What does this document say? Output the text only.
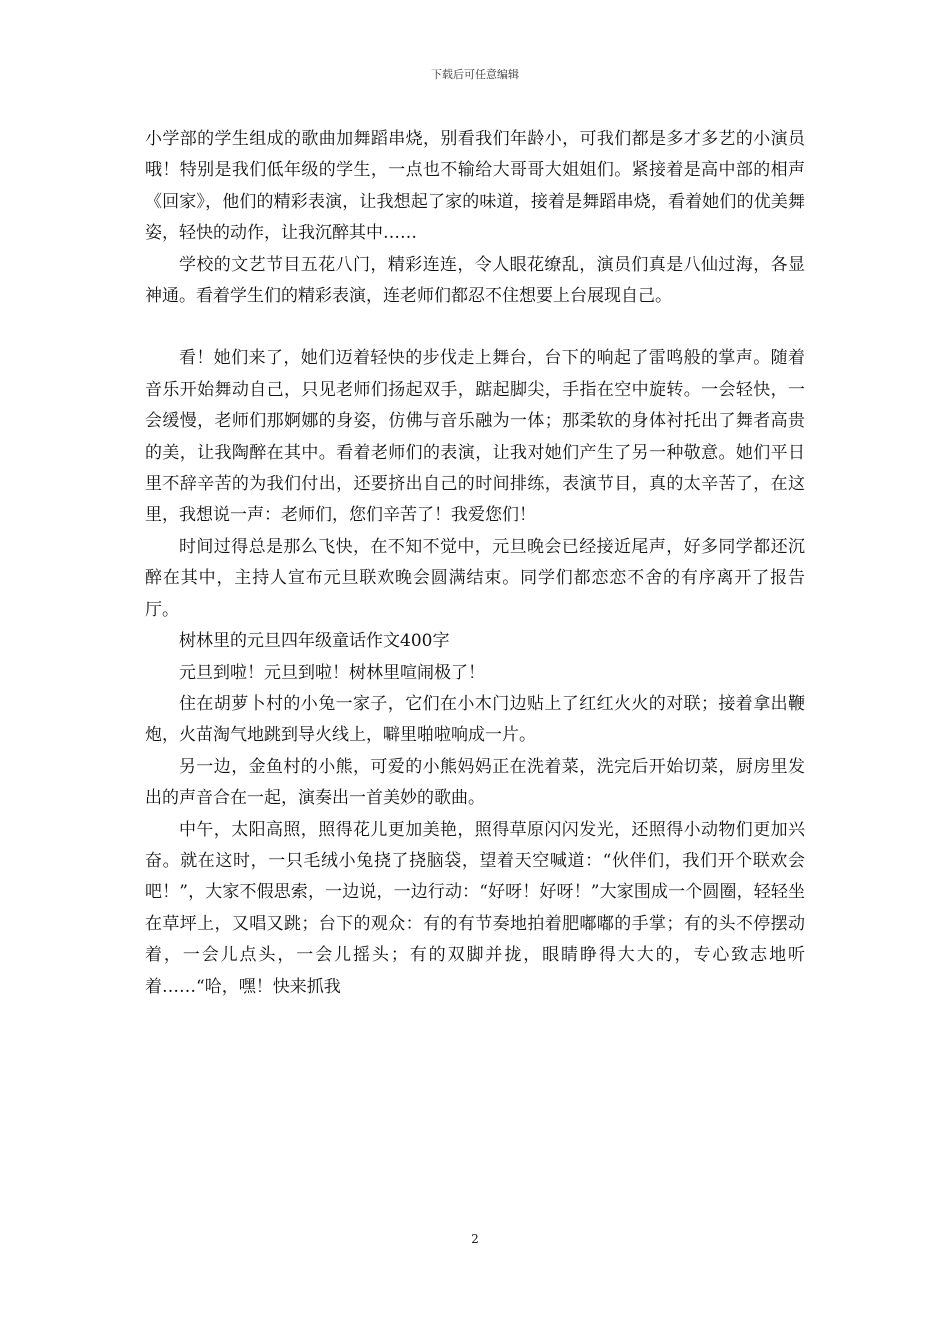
下载后可任意编辑

小学部的学生组成的歌曲加舞蹈串烧，别看我们年龄小，可我们都是多才多艺的小演员哦！特别是我们低年级的学生，一点也不输给大哥哥大姐姐们。紧接着是高中部的相声《回家》，他们的精彩表演，让我想起了家的味道，接着是舞蹈串烧，看着她们的优美舞姿，轻快的动作，让我沉醉其中……

学校的文艺节目五花八门，精彩连连，令人眼花缭乱，演员们真是八仙过海，各显神通。看着学生们的精彩表演，连老师们都忍不住想要上台展现自己。

看！她们来了，她们迈着轻快的步伐走上舞台，台下的响起了雷鸣般的掌声。随着音乐开始舞动自己，只见老师们扬起双手，踮起脚尖，手指在空中旋转。一会轻快，一会缓慢，老师们那婀娜的身姿，仿佛与音乐融为一体；那柔软的身体衬托出了舞者高贵的美，让我陶醉在其中。看着老师们的表演，让我对她们产生了另一种敬意。她们平日里不辞辛苦的为我们付出，还要挤出自己的时间排练，表演节目，真的太辛苦了，在这里，我想说一声：老师们，您们辛苦了！我爱您们！

时间过得总是那么飞快，在不知不觉中，元旦晚会已经接近尾声，好多同学都还沉醉在其中，主持人宣布元旦联欢晚会圆满结束。同学们都恋恋不舍的有序离开了报告厅。

树林里的元旦四年级童话作文400字

元旦到啦！元旦到啦！树林里喧闹极了！

住在胡萝卜村的小兔一家子，它们在小木门边贴上了红红火火的对联；接着拿出鞭炮，火苗淘气地跳到导火线上，噼里啪啦响成一片。

另一边，金鱼村的小熊，可爱的小熊妈妈正在洗着菜，洗完后开始切菜，厨房里发出的声音合在一起，演奏出一首美妙的歌曲。

中午，太阳高照，照得花儿更加美艳，照得草原闪闪发光，还照得小动物们更加兴奋。就在这时，一只毛绒小兔挠了挠脑袋，望着天空喊道：“伙伴们，我们开个联欢会吧！”，大家不假思索，一边说，一边行动：“好呀！好呀！”大家围成一个圆圈，轻轻坐在草坪上，又唱又跳；台下的观众：有的有节奏地拍着肥嘟嘟的手掌；有的头不停摆动着，一会儿点头，一会儿摇头；有的双脚并拢，眼睛睁得大大的，专心致志地听着……“哈，嘿！快来抓我

2
